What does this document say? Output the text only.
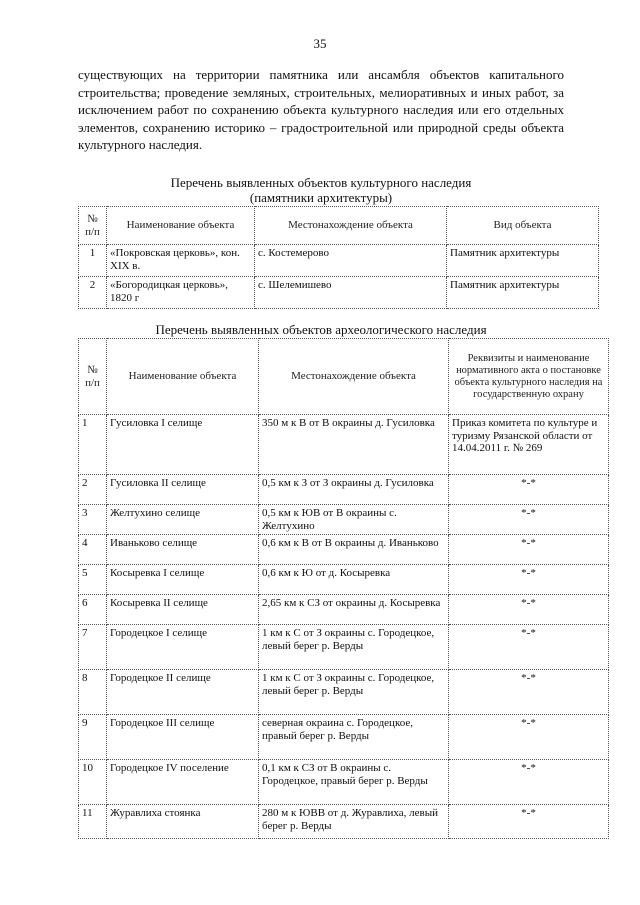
35
существующих на территории памятника или ансамбля объектов капитального строительства; проведение земляных, строительных, мелиоративных и иных работ, за исключением работ по сохранению объекта культурного наследия или его отдельных элементов, сохранению историко – градостроительной или природной среды объекта культурного наследия.
Перечень выявленных объектов культурного наследия
(памятники архитектуры)
№ п/п	Наименование объекта	Местонахождение объекта	Вид объекта
1	«Покровская церковь», кон. XIX в.	с. Костемерово	Памятник архитектуры
2	«Богородицкая церковь», 1820 г	с. Шелемишево	Памятник архитектуры
Перечень выявленных объектов археологического наследия
№ п/п	Наименование объекта	Местонахождение объекта	Реквизиты и наименование нормативного акта о постановке объекта культурного наследия на государственную охрану
1	Гусиловка I селище	350 м к В от В окраины д. Гусиловка	Приказ комитета по культуре и туризму Рязанской области от 14.04.2011 г. № 269
2	Гусиловка II селище	0,5 км к З от З окраины д. Гусиловка	*-*
3	Желтухино селище	0,5 км к ЮВ от В окраины с. Желтухино	*-*
4	Иваньково селище	0,6 км к В от В окраины д. Иваньково	*-*
5	Косыревка I селище	0,6 км к Ю от д. Косыревка	*-*
6	Косыревка II селище	2,65 км к СЗ от окраины д. Косыревка	*-*
7	Городецкое I селище	1 км к С от З окраины с. Городецкое, левый берег р. Верды	*-*
8	Городецкое II селище	1 км к С от З окраины с. Городецкое, левый берег р. Верды	*-*
9	Городецкое III селище	северная окраина с. Городецкое, правый берег р. Верды	*-*
10	Городецкое IV поселение	0,1 км к СЗ от В окраины с. Городецкое, правый берег р. Верды	*-*
11	Журавлиха стоянка	280 м к ЮВВ от д. Журавлиха, левый берег р. Верды	*-*
